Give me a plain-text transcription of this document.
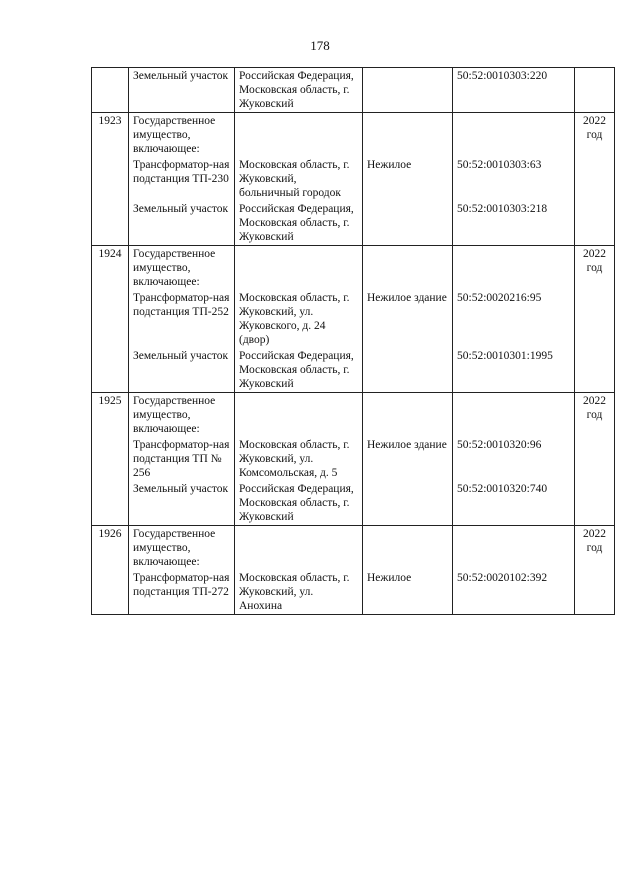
178
	Земельный участок	Российская Федерация, Московская область, г. Жуковский		50:52:0010303:220	
1923	Государственное имущество, включающее:				2022 год
	Трансформатор-ная подстанция ТП-230	Московская область, г. Жуковский, больничный городок	Нежилое	50:52:0010303:63	
	Земельный участок	Российская Федерация, Московская область, г. Жуковский		50:52:0010303:218	
1924	Государственное имущество, включающее:				2022 год
	Трансформатор-ная подстанция ТП-252	Московская область, г. Жуковский, ул. Жуковского, д. 24 (двор)	Нежилое здание	50:52:0020216:95	
	Земельный участок	Российская Федерация, Московская область, г. Жуковский		50:52:0010301:1995	
1925	Государственное имущество, включающее:				2022 год
	Трансформатор-ная подстанция ТП № 256	Московская область, г. Жуковский, ул. Комсомольская, д. 5	Нежилое здание	50:52:0010320:96	
	Земельный участок	Российская Федерация, Московская область, г. Жуковский		50:52:0010320:740	
1926	Государственное имущество, включающее:				2022 год
	Трансформатор-ная подстанция ТП-272	Московская область, г. Жуковский, ул. Анохина	Нежилое	50:52:0020102:392	
